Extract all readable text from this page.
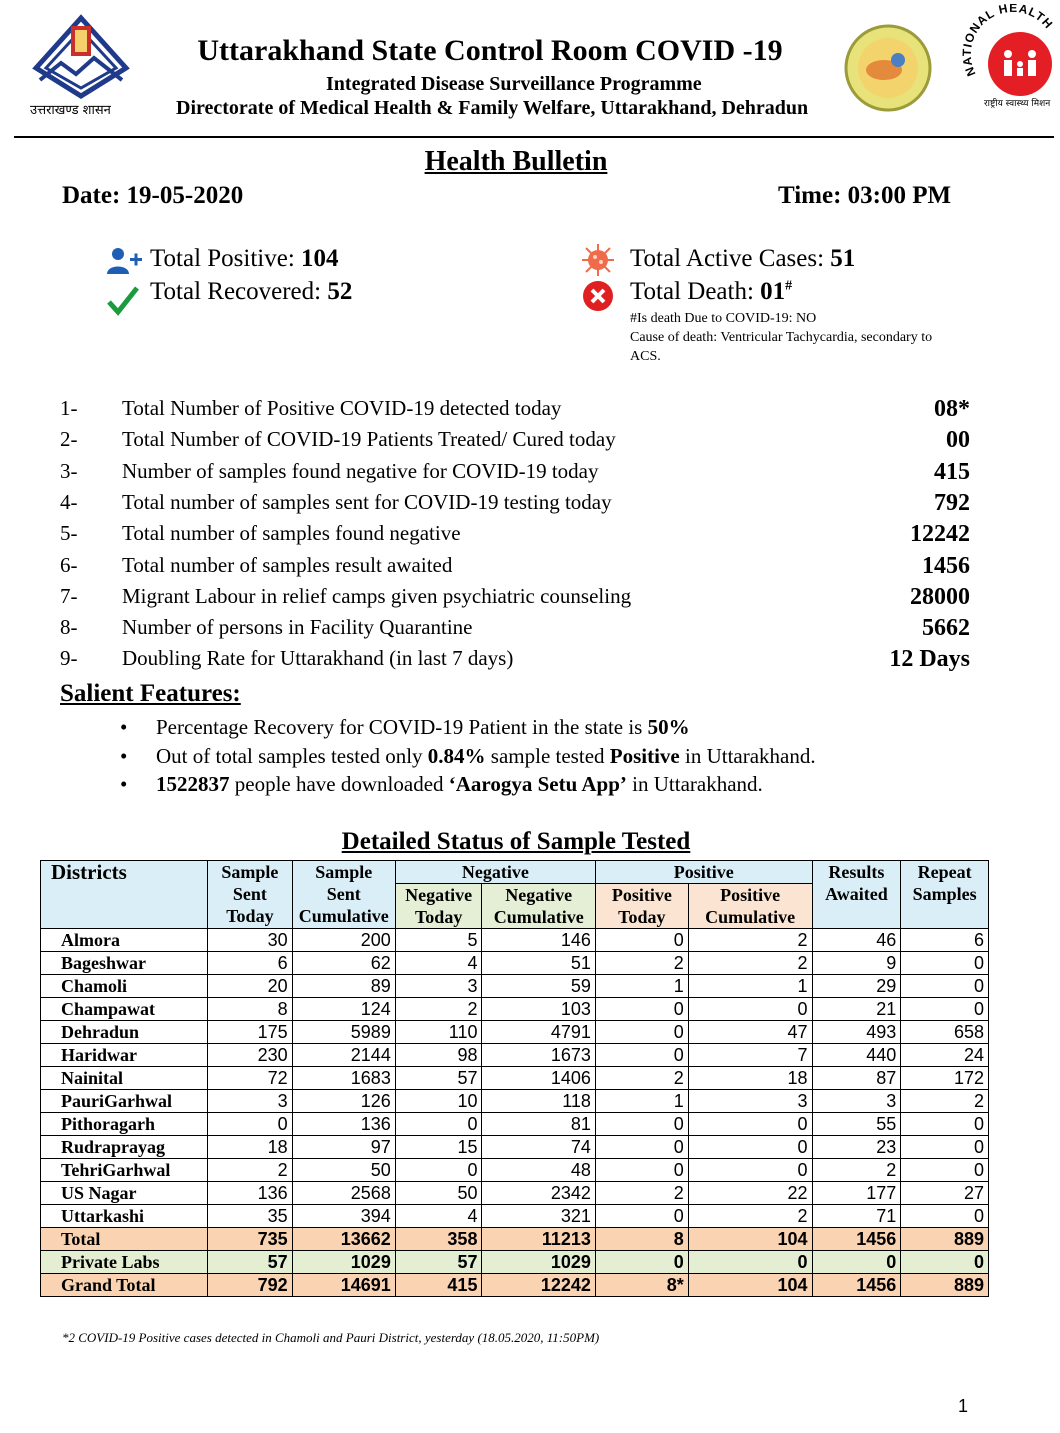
उत्तराखण्ड शासन
Uttarakhand State Control Room COVID -19
Integrated Disease Surveillance Programme
Directorate of Medical Health & Family Welfare, Uttarakhand, Dehradun
NATIONAL HEALTH
राष्ट्रीय स्वास्थ्य मिशन
Health Bulletin
Date: 19-05-2020	Time: 03:00 PM
Total Positive: 104
Total Recovered: 52
Total Active Cases: 51
Total Death: 01#
#Is death Due to COVID-19: NO
Cause of death: Ventricular Tachycardia, secondary to
ACS.
1- Total Number of Positive COVID-19 detected today	08*
2- Total Number of COVID-19 Patients Treated/ Cured today	00
3- Number of samples found negative for COVID-19 today	415
4- Total number of samples sent for COVID-19 testing today	792
5- Total number of samples found negative	12242
6- Total number of samples result awaited	1456
7- Migrant Labour in relief camps given psychiatric counseling	28000
8- Number of persons in Facility Quarantine	5662
9- Doubling Rate for Uttarakhand (in last 7 days)	12 Days
Salient Features:
• Percentage Recovery for COVID-19 Patient in the state is 50%
• Out of total samples tested only 0.84% sample tested Positive in Uttarakhand.
• 1522837 people have downloaded ‘Aarogya Setu App’ in Uttarakhand.
Detailed Status of Sample Tested
Districts	Sample Sent Today	Sample Sent Cumulative	Negative		Positive		Results Awaited	Repeat Samples
			Negative Today	Negative Cumulative	Positive Today	Positive Cumulative		
Almora	30	200	5	146	0	2	46	6
Bageshwar	6	62	4	51	2	2	9	0
Chamoli	20	89	3	59	1	1	29	0
Champawat	8	124	2	103	0	0	21	0
Dehradun	175	5989	110	4791	0	47	493	658
Haridwar	230	2144	98	1673	0	7	440	24
Nainital	72	1683	57	1406	2	18	87	172
PauriGarhwal	3	126	10	118	1	3	3	2
Pithoragarh	0	136	0	81	0	0	55	0
Rudraprayag	18	97	15	74	0	0	23	0
TehriGarhwal	2	50	0	48	0	0	2	0
US Nagar	136	2568	50	2342	2	22	177	27
Uttarkashi	35	394	4	321	0	2	71	0
Total	735	13662	358	11213	8	104	1456	889
Private Labs	57	1029	57	1029	0	0	0	0
Grand Total	792	14691	415	12242	8*	104	1456	889
*2 COVID-19 Positive cases detected in Chamoli and Pauri District, yesterday (18.05.2020, 11:50PM)
1
